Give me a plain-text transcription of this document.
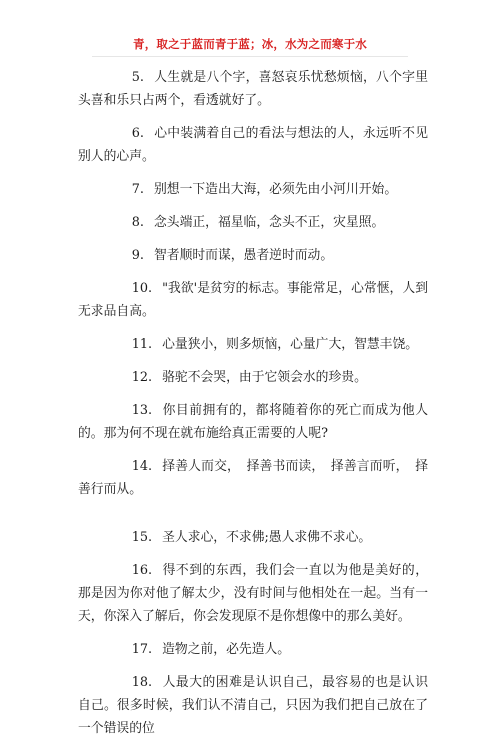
青，取之于蓝而青于蓝；冰，水为之而寒于水

5. 人生就是八个字，喜怒哀乐忧愁烦恼，八个字里头喜和乐只占两个，看透就好了。

6. 心中装满着自己的看法与想法的人，永远听不见别人的心声。

7. 别想一下造出大海，必须先由小河川开始。

8. 念头端正，福星临，念头不正，灾星照。

9. 智者顺时而谋，愚者逆时而动。

10. "我欲'是贫穷的标志。事能常足，心常惬，人到无求品自高。

11. 心量狭小，则多烦恼，心量广大，智慧丰饶。

12. 骆驼不会哭，由于它领会水的珍贵。

13. 你目前拥有的，都将随着你的死亡而成为他人的。那为何不现在就布施给真正需要的人呢?

14. 择善人而交，　择善书而读，　择善言而听，　择善行而从。

15. 圣人求心，不求佛;愚人求佛不求心。

16. 得不到的东西，我们会一直以为他是美好的，那是因为你对他了解太少，没有时间与他相处在一起。当有一天，你深入了解后，你会发现原不是你想像中的那么美好。

17. 造物之前，必先造人。

18. 人最大的困难是认识自己，最容易的也是认识自己。很多时候，我们认不清自己，只因为我们把自己放在了一个错误的位
